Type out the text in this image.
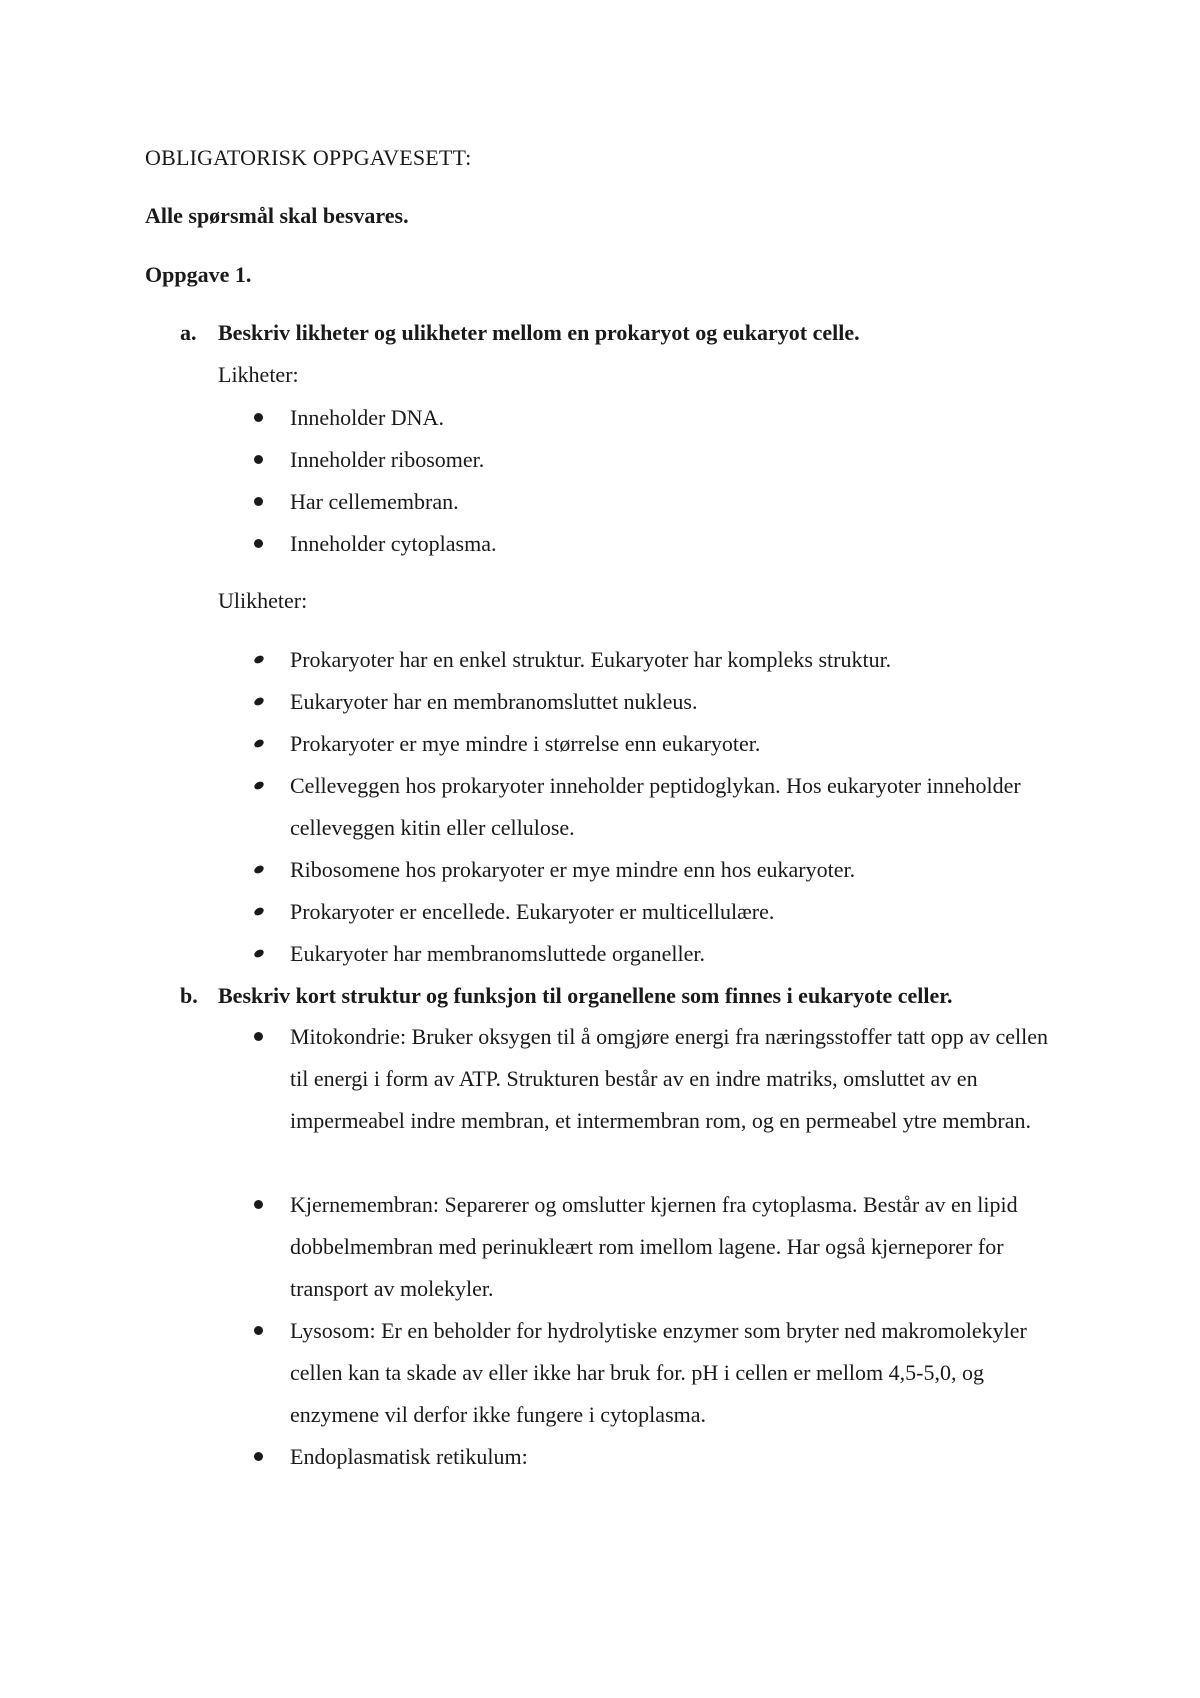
OBLIGATORISK OPPGAVESETT:
Alle spørsmål skal besvares.
Oppgave 1.
a. Beskriv likheter og ulikheter mellom en prokaryot og eukaryot celle.
Likheter:
Inneholder DNA.
Inneholder ribosomer.
Har cellemembran.
Inneholder cytoplasma.
Ulikheter:
Prokaryoter har en enkel struktur. Eukaryoter har kompleks struktur.
Eukaryoter har en membranomsluttet nukleus.
Prokaryoter er mye mindre i størrelse enn eukaryoter.
Celleveggen hos prokaryoter inneholder peptidoglykan. Hos eukaryoter inneholder celleveggen kitin eller cellulose.
Ribosomene hos prokaryoter er mye mindre enn hos eukaryoter.
Prokaryoter er encellede. Eukaryoter er multicellulære.
Eukaryoter har membranomsluttede organeller.
b. Beskriv kort struktur og funksjon til organellene som finnes i eukaryote celler.
Mitokondrie: Bruker oksygen til å omgjøre energi fra næringsstoffer tatt opp av cellen til energi i form av ATP. Strukturen består av en indre matriks, omsluttet av en impermeabel indre membran, et intermembran rom, og en permeabel ytre membran.
Kjernemembran: Separerer og omslutter kjernen fra cytoplasma. Består av en lipid dobbelmembran med perinukleært rom imellom lagene. Har også kjerneporer for transport av molekyler.
Lysosom: Er en beholder for hydrolytiske enzymer som bryter ned makromolekyler cellen kan ta skade av eller ikke har bruk for. pH i cellen er mellom 4,5-5,0, og enzymene vil derfor ikke fungere i cytoplasma.
Endoplasmatisk retikulum:
